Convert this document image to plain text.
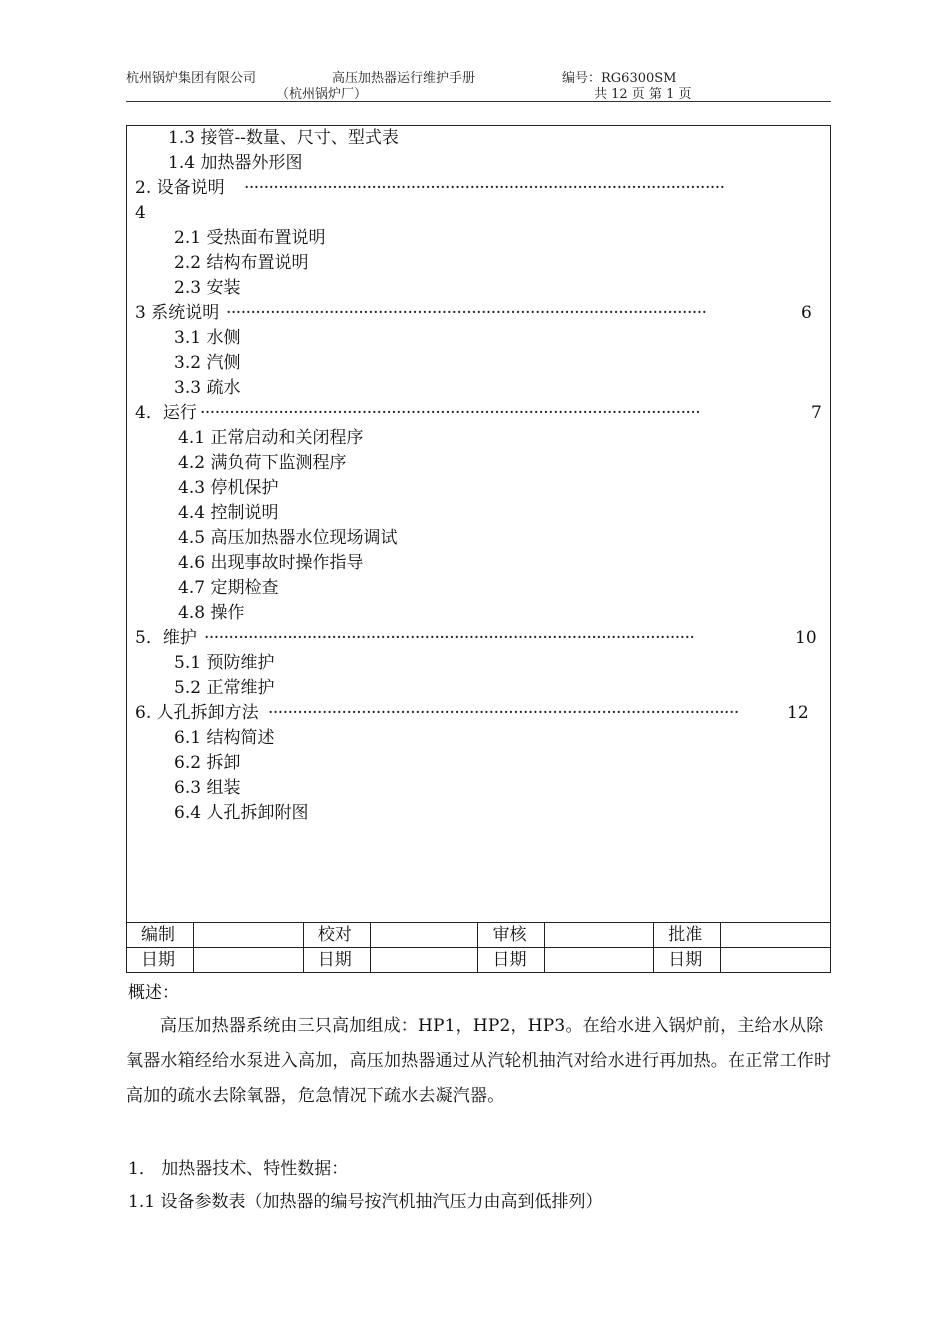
杭州锅炉集团有限公司	高压加热器运行维护手册	编号：RG6300SM
（杭州锅炉厂）	共 12 页 第 1 页
1.3 接管--数量、尺寸、型式表
1.4 加热器外形图
2. 设备说明 ··································································································
4
2.1 受热面布置说明
2.2 结构布置说明
2.3 安装
3 系统说明 ··································································································	6
3.1 水侧
3.2 汽侧
3.3 疏水
4．运行 ······································································································	7
4.1 正常启动和关闭程序
4.2 满负荷下监测程序
4.3 停机保护
4.4 控制说明
4.5 高压加热器水位现场调试
4.6 出现事故时操作指导
4.7 定期检查
4.8 操作
5．维护 ····································································································	10
5.1 预防维护
5.2 正常维护
6. 人孔拆卸方法 ································································································	12
6.1 结构简述
6.2 拆卸
6.3 组装
6.4 人孔拆卸附图
编制		校对		审核		批准	
日期		日期		日期		日期	
概述：
高压加热器系统由三只高加组成：HP1，HP2，HP3。在给水进入锅炉前，主给水从除氧器水箱经给水泵进入高加，高压加热器通过从汽轮机抽汽对给水进行再加热。在正常工作时高加的疏水去除氧器，危急情况下疏水去凝汽器。
1． 加热器技术、特性数据：
1.1 设备参数表（加热器的编号按汽机抽汽压力由高到低排列）
